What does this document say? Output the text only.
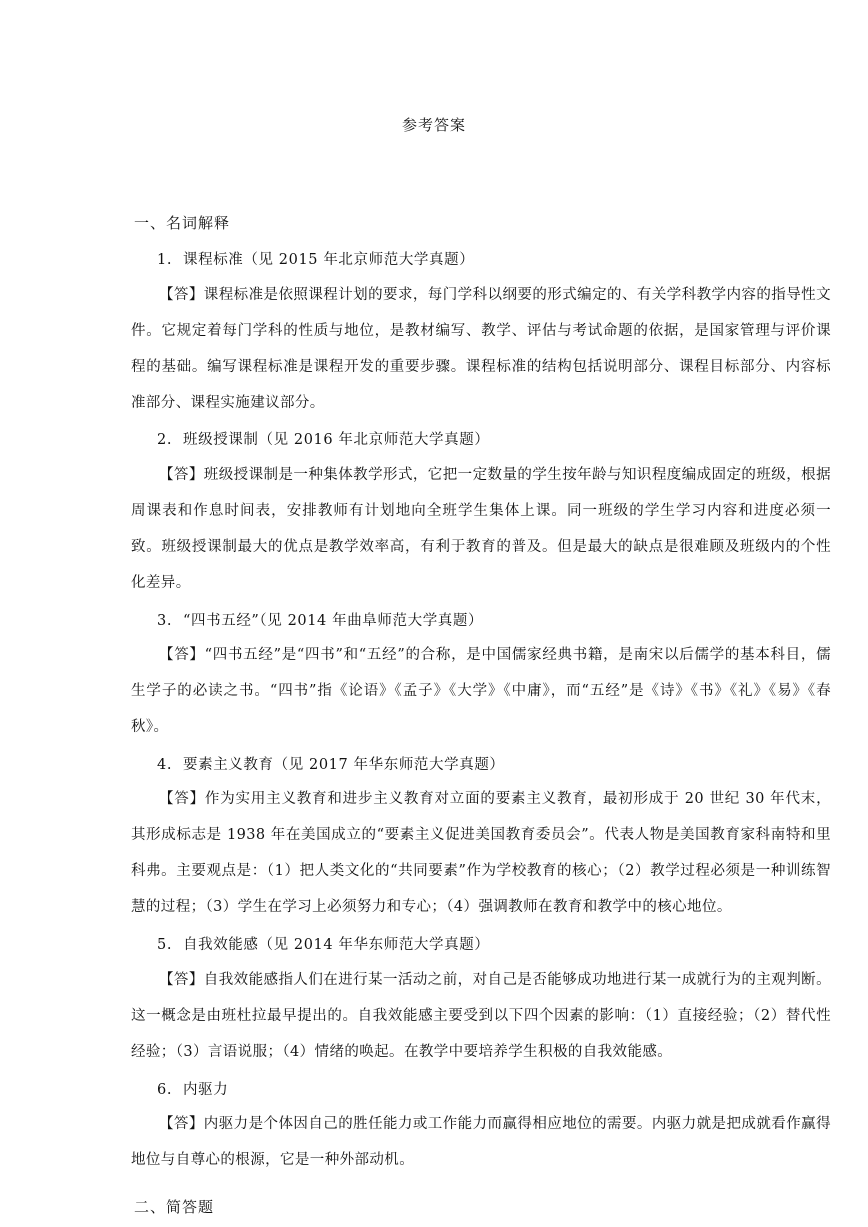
参考答案
一、名词解释
1. 课程标准（见 2015 年北京师范大学真题）
【答】课程标准是依照课程计划的要求，每门学科以纲要的形式编定的、有关学科教学内容的指导性文件。它规定着每门学科的性质与地位，是教材编写、教学、评估与考试命题的依据，是国家管理与评价课程的基础。编写课程标准是课程开发的重要步骤。课程标准的结构包括说明部分、课程目标部分、内容标准部分、课程实施建议部分。
2. 班级授课制（见 2016 年北京师范大学真题）
【答】班级授课制是一种集体教学形式，它把一定数量的学生按年龄与知识程度编成固定的班级，根据周课表和作息时间表，安排教师有计划地向全班学生集体上课。同一班级的学生学习内容和进度必须一致。班级授课制最大的优点是教学效率高，有利于教育的普及。但是最大的缺点是很难顾及班级内的个性化差异。
3. “四书五经”（见 2014 年曲阜师范大学真题）
【答】“四书五经”是“四书”和“五经”的合称，是中国儒家经典书籍，是南宋以后儒学的基本科目，儒生学子的必读之书。“四书”指《论语》《孟子》《大学》《中庸》，而“五经”是《诗》《书》《礼》《易》《春秋》。
4. 要素主义教育（见 2017 年华东师范大学真题）
【答】作为实用主义教育和进步主义教育对立面的要素主义教育，最初形成于 20 世纪 30 年代末， 其形成标志是 1938 年在美国成立的“要素主义促进美国教育委员会”。代表人物是美国教育家科南特和里科弗。主要观点是：（1）把人类文化的“共同要素”作为学校教育的核心；（2）教学过程必须是一种训练智慧的过程；（3）学生在学习上必须努力和专心；（4）强调教师在教育和教学中的核心地位。
5. 自我效能感（见 2014 年华东师范大学真题）
【答】自我效能感指人们在进行某一活动之前，对自己是否能够成功地进行某一成就行为的主观判断。这一概念是由班杜拉最早提出的。自我效能感主要受到以下四个因素的影响：（1）直接经验；（2）替代性经验；（3）言语说服；（4）情绪的唤起。在教学中要培养学生积极的自我效能感。
6. 内驱力
【答】内驱力是个体因自己的胜任能力或工作能力而赢得相应地位的需要。内驱力就是把成就看作赢得地位与自尊心的根源，它是一种外部动机。
二、简答题
